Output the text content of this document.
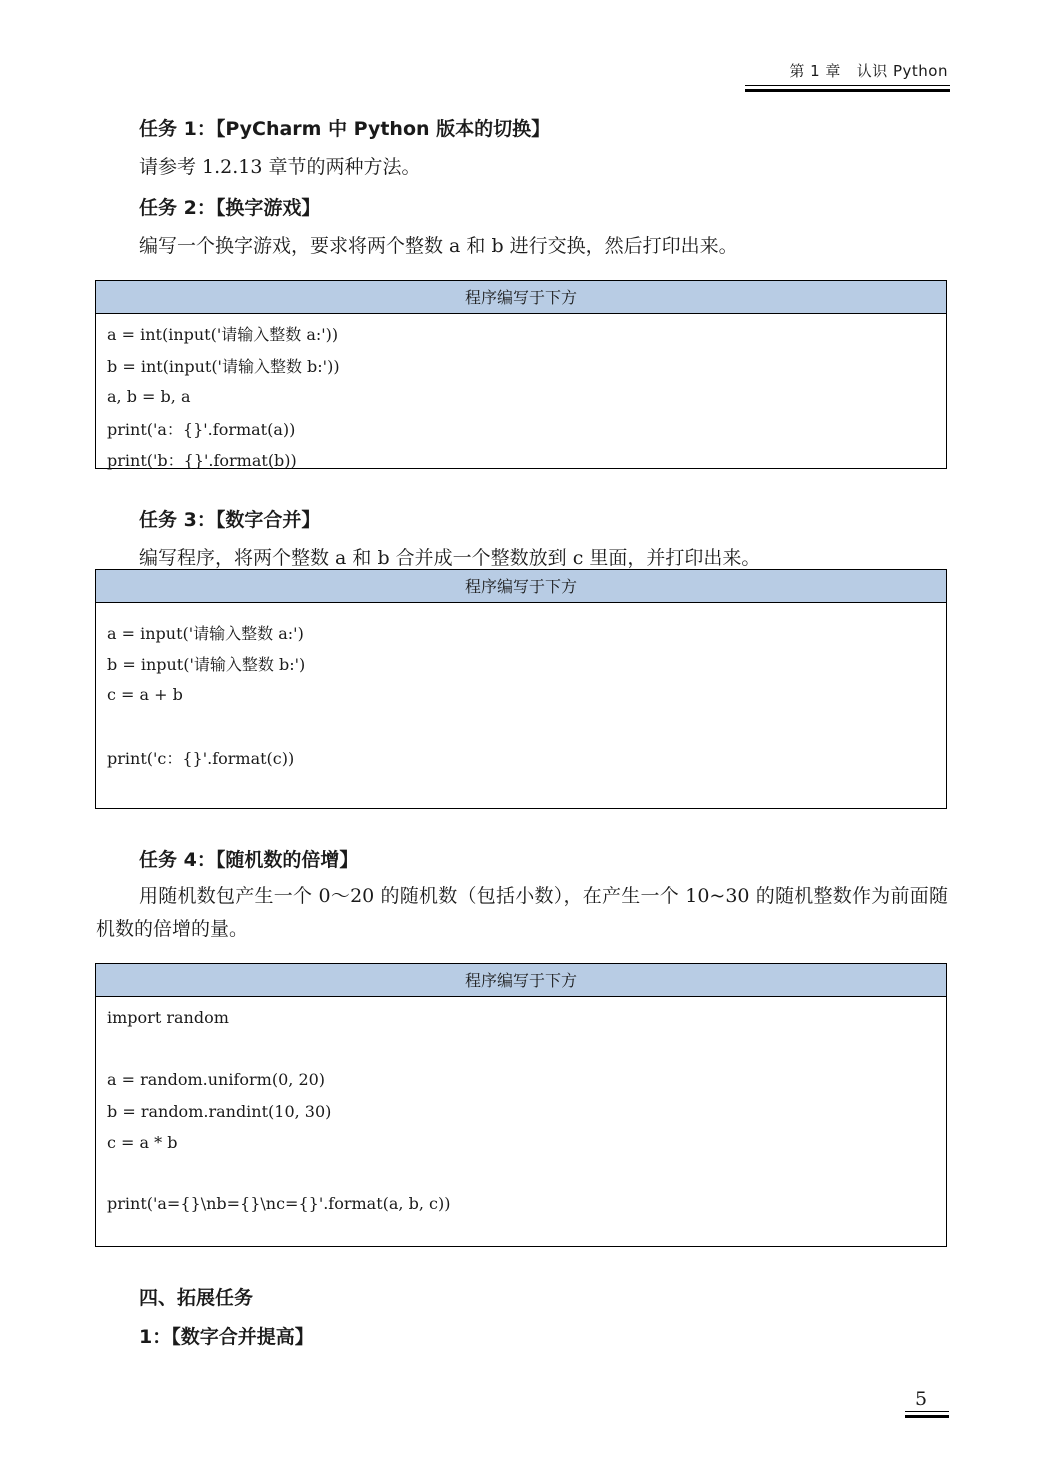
第 1 章   认识 Python
任务 1：【PyCharm 中 Python 版本的切换】
请参考 1.2.13 章节的两种方法。
任务 2：【换字游戏】
编写一个换字游戏，要求将两个整数 a 和 b 进行交换，然后打印出来。
程序编写于下方
a = int(input('请输入整数 a:'))
b = int(input('请输入整数 b:'))
a, b = b, a
print('a：{}'.format(a))
print('b：{}'.format(b))
任务 3：【数字合并】
编写程序，将两个整数 a 和 b 合并成一个整数放到 c 里面，并打印出来。
程序编写于下方
a = input('请输入整数 a:')
b = input('请输入整数 b:')
c = a + b
print('c：{}'.format(c))
任务 4：【随机数的倍增】
用随机数包产生一个 0～20 的随机数（包括小数），在产生一个 10~30 的随机整数作为前面随机数的倍增的量。
程序编写于下方
import random
a = random.uniform(0, 20)
b = random.randint(10, 30)
c = a * b
print('a={}\nb={}\nc={}'.format(a, b, c))
四、拓展任务
1：【数字合并提高】
5
